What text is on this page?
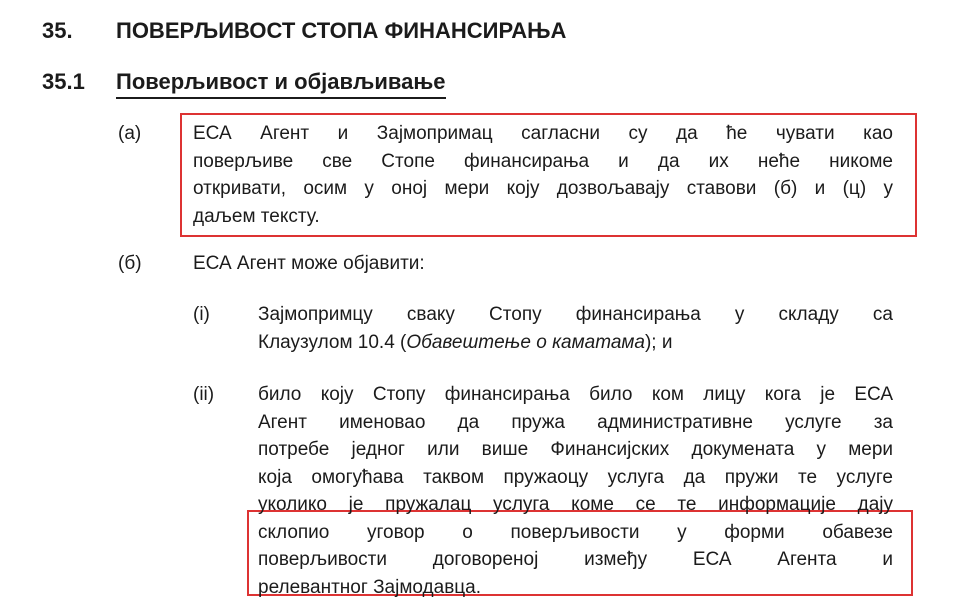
35. ПОВЕРЉИВОСТ СТОПА ФИНАНСИРАЊА
35.1 Поверљивост и објављивање
(а)	ЕСА Агент и Зајмопримац сагласни су да ће чувати као
поверљиве све Стопе финансирања и да их неће никоме
откривати, осим у оној мери коју дозвољавају ставови (б) и (ц) у
даљем тексту.
(б)	ЕСА Агент може објавити:
(i)	Зајмопримцу сваку Стопу финансирања у складу са
Клаузулом 10.4 (Обавештење о каматама); и
(ii) било коју Стопу финансирања било ком лицу кога је ЕСА
Агент именовао да пружа административне услуге за
потребе једног или више Финансијских докумената у мери
која омогућава таквом пружаоцу услуга да пружи те услуге
уколико је пружалац услуга коме се те информације дају
склопио уговор о поверљивости у форми обавезе
поверљивости договореној између ЕСА Агента и
релевантног Зајмодавца.
